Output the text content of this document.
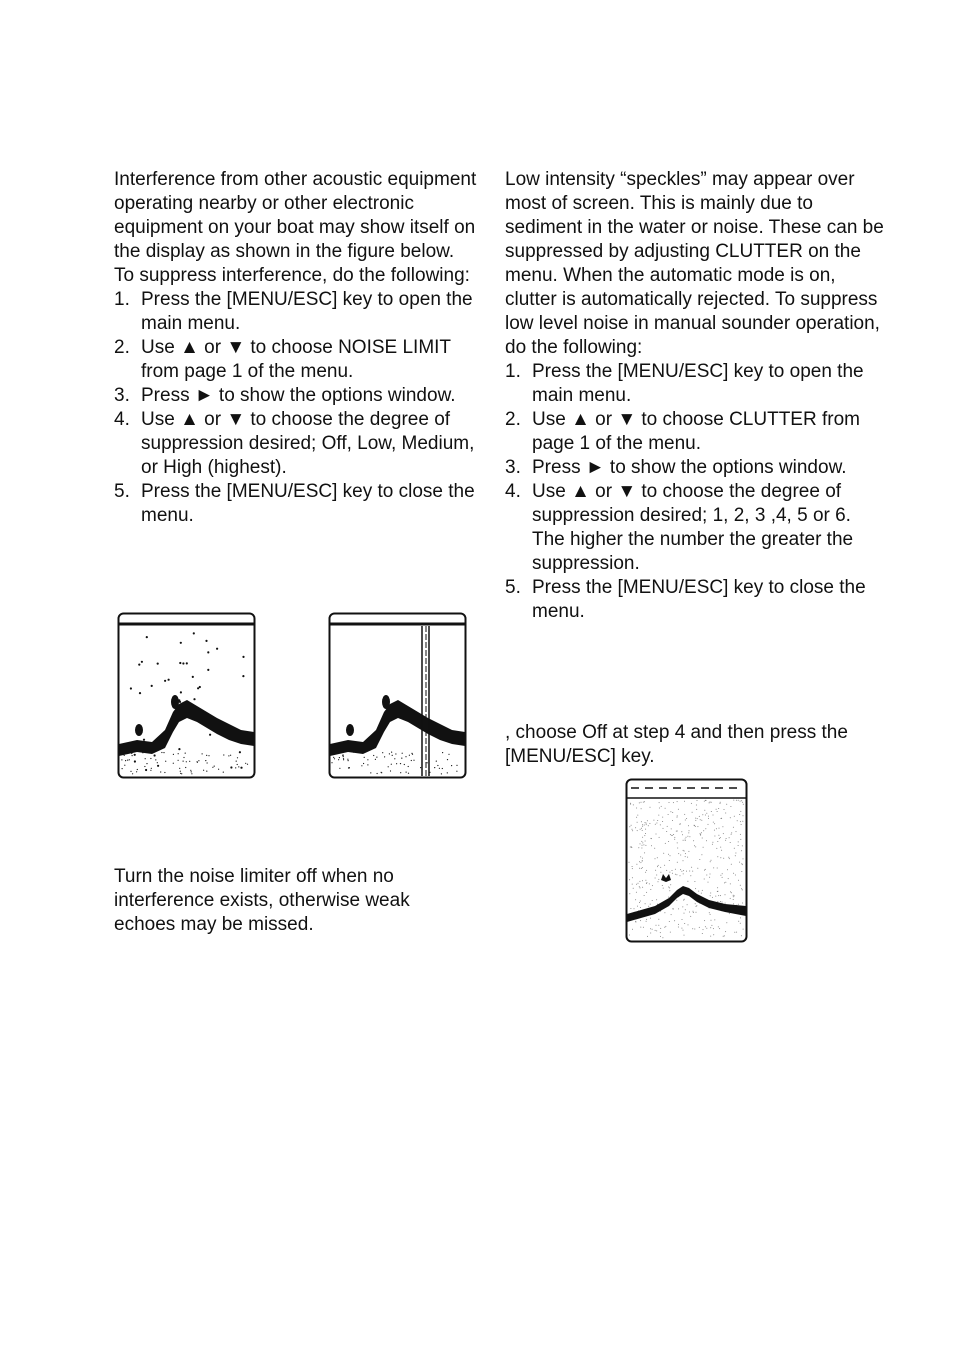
Interference from other acoustic equipment operating nearby or other electronic equipment on your boat may show itself on the display as shown in the figure below.

To suppress interference, do the following:

1. Press the [MENU/ESC] key to open the main menu.
2. Use ▲ or ▼ to choose NOISE LIMIT from page 1 of the menu.
3. Press ► to show the options window.
4. Use ▲ or ▼ to choose the degree of suppression desired; Off, Low, Medium, or High (highest).
5. Press the [MENU/ESC] key to close the menu.

Low intensity “speckles” may appear over most of screen. This is mainly due to sediment in the water or noise. These can be suppressed by adjusting CLUTTER on the menu. When the automatic mode is on, clutter is automatically rejected. To suppress low level noise in manual sounder operation, do the following:

1. Press the [MENU/ESC] key to open the main menu.
2. Use ▲ or ▼ to choose CLUTTER from page 1 of the menu.
3. Press ► to show the options window.
4. Use ▲ or ▼ to choose the degree of suppression desired; 1, 2, 3 ,4, 5 or 6. The higher the number the greater the suppression.
5. Press the [MENU/ESC] key to close the menu.
Turn the noise limiter off when no interference exists, otherwise weak echoes may be missed.
, choose Off at step 4 and then press the [MENU/ESC] key.
